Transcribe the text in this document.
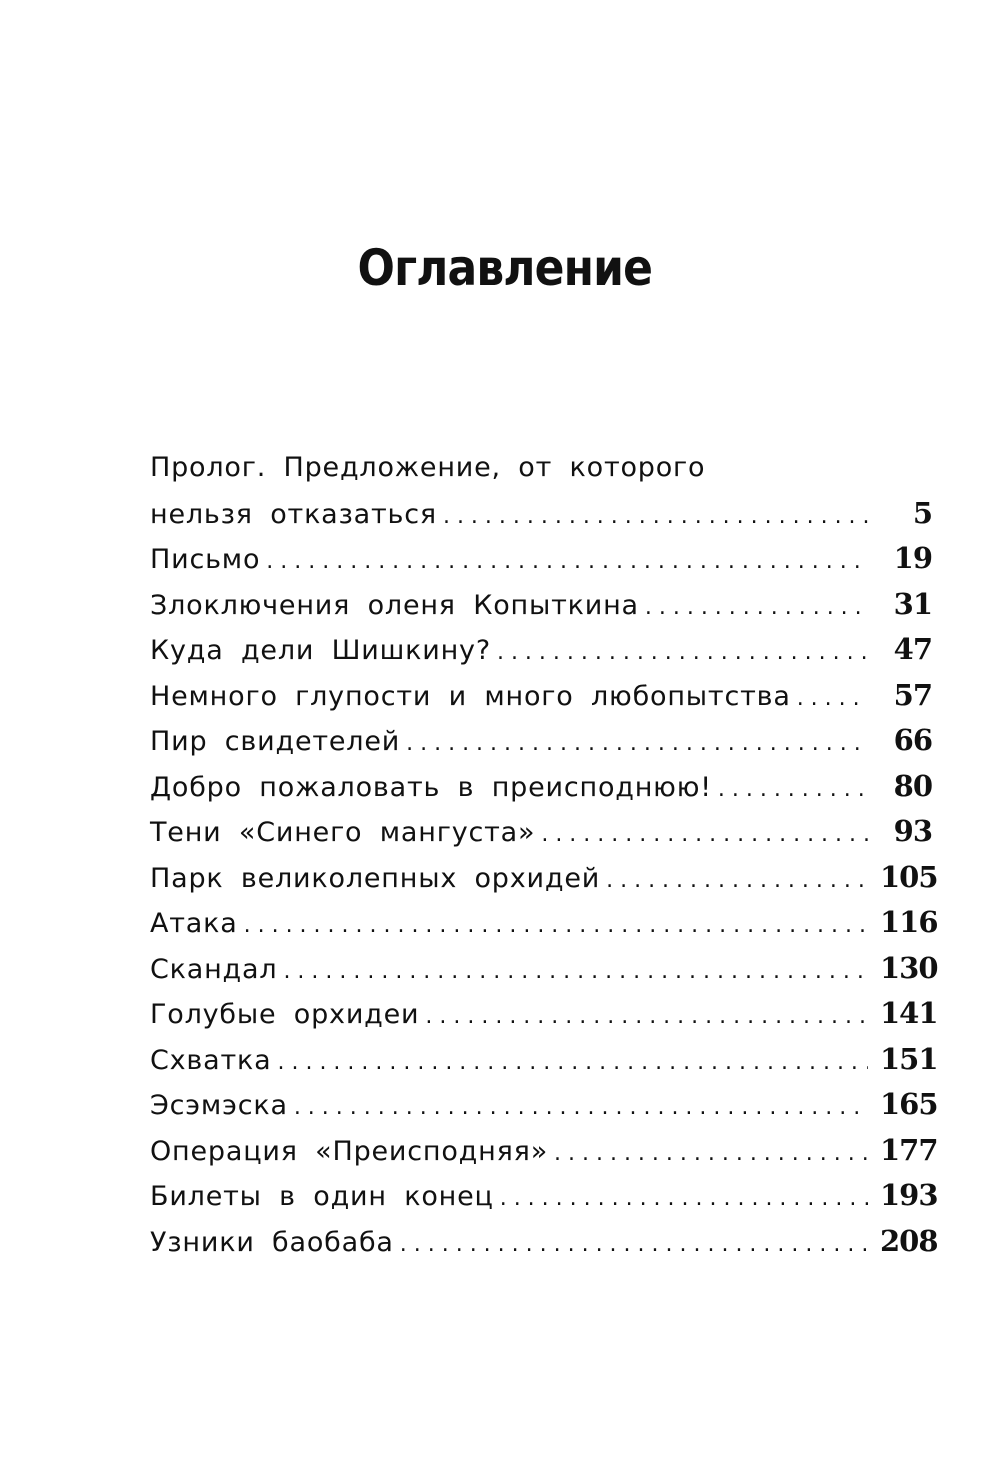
Оглавление
Пролог. Предложение, от которого
нельзя отказаться . . .	5
Письмо . . .	19
Злоключения оленя Копыткина . . .	31
Куда дели Шишкину? . . .	47
Немного глупости и много любопытства . . .	57
Пир свидетелей . . .	66
Добро пожаловать в преисподнюю! . . .	80
Тени «Синего мангуста» . . .	93
Парк великолепных орхидей . . .	105
Атака . . .	116
Скандал . . .	130
Голубые орхидеи . . .	141
Схватка . . .	151
Эсэмэска . . .	165
Операция «Преисподняя» . . .	177
Билеты в один конец . . .	193
Узники баобаба . . .	208
